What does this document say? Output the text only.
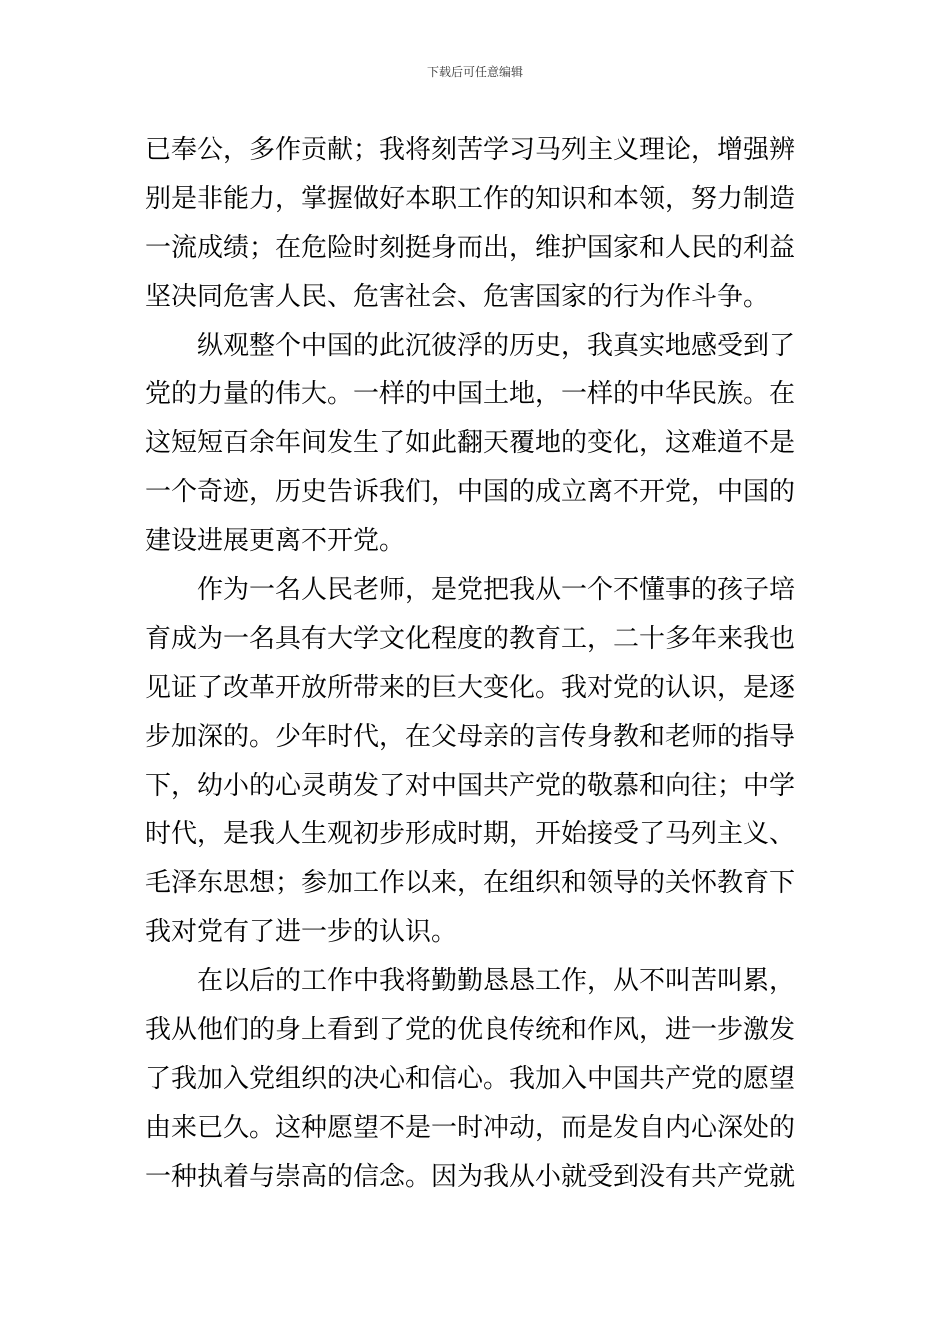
下载后可任意编辑
已奉公，多作贡献；我将刻苦学习马列主义理论，增强辨
别是非能力，掌握做好本职工作的知识和本领，努力制造
一流成绩；在危险时刻挺身而出，维护国家和人民的利益
坚决同危害人民、危害社会、危害国家的行为作斗争。
纵观整个中国的此沉彼浮的历史，我真实地感受到了
党的力量的伟大。一样的中国土地，一样的中华民族。在
这短短百余年间发生了如此翻天覆地的变化，这难道不是
一个奇迹，历史告诉我们，中国的成立离不开党，中国的
建设进展更离不开党。
作为一名人民老师，是党把我从一个不懂事的孩子培
育成为一名具有大学文化程度的教育工，二十多年来我也
见证了改革开放所带来的巨大变化。我对党的认识，是逐
步加深的。少年时代，在父母亲的言传身教和老师的指导
下，幼小的心灵萌发了对中国共产党的敬慕和向往；中学
时代，是我人生观初步形成时期，开始接受了马列主义、
毛泽东思想；参加工作以来，在组织和领导的关怀教育下
我对党有了进一步的认识。
在以后的工作中我将勤勤恳恳工作，从不叫苦叫累，
我从他们的身上看到了党的优良传统和作风，进一步激发
了我加入党组织的决心和信心。我加入中国共产党的愿望
由来已久。这种愿望不是一时冲动，而是发自内心深处的
一种执着与崇高的信念。因为我从小就受到没有共产党就
